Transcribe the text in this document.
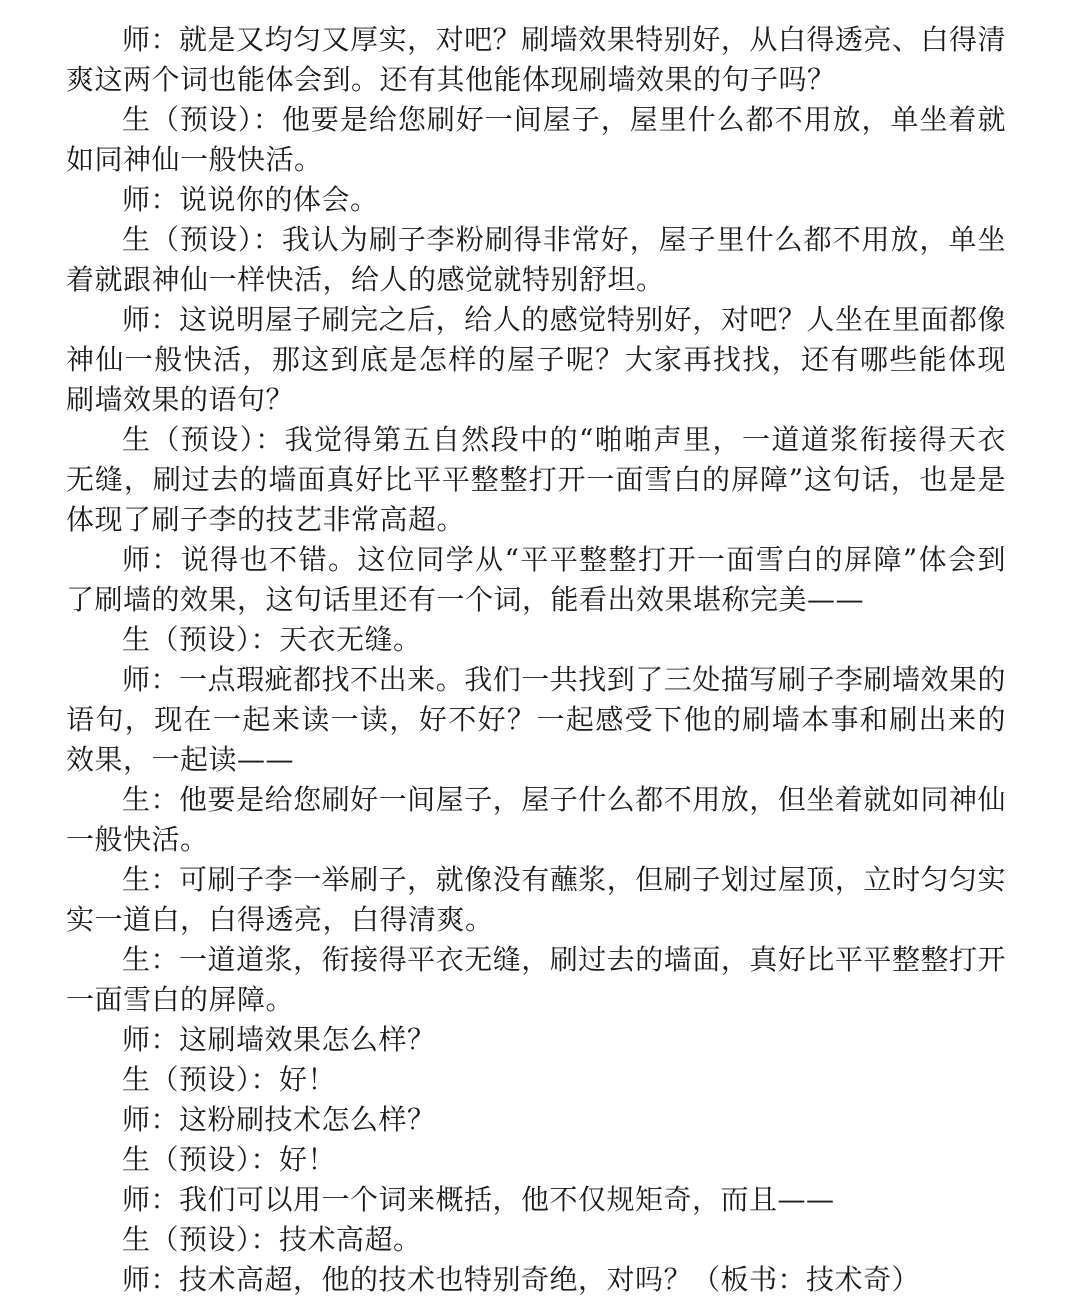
师：就是又均匀又厚实，对吧？刷墙效果特别好，从白得透亮、白得清爽这两个词也能体会到。还有其他能体现刷墙效果的句子吗？

生（预设）：他要是给您刷好一间屋子，屋里什么都不用放，单坐着就如同神仙一般快活。

师：说说你的体会。

生（预设）：我认为刷子李粉刷得非常好，屋子里什么都不用放，单坐着就跟神仙一样快活，给人的感觉就特别舒坦。

师：这说明屋子刷完之后，给人的感觉特别好，对吧？人坐在里面都像神仙一般快活，那这到底是怎样的屋子呢？大家再找找，还有哪些能体现刷墙效果的语句？

生（预设）：我觉得第五自然段中的“啪啪声里，一道道浆衔接得天衣无缝，刷过去的墙面真好比平平整整打开一面雪白的屏障”这句话，也是是体现了刷子李的技艺非常高超。

师：说得也不错。这位同学从“平平整整打开一面雪白的屏障”体会到了刷墙的效果，这句话里还有一个词，能看出效果堪称完美——

生（预设）：天衣无缝。

师：一点瑕疵都找不出来。我们一共找到了三处描写刷子李刷墙效果的语句，现在一起来读一读，好不好？一起感受下他的刷墙本事和刷出来的效果，一起读——

生：他要是给您刷好一间屋子，屋子什么都不用放，但坐着就如同神仙一般快活。

生：可刷子李一举刷子，就像没有蘸浆，但刷子划过屋顶，立时匀匀实实一道白，白得透亮，白得清爽。

生：一道道浆，衔接得平衣无缝，刷过去的墙面，真好比平平整整打开一面雪白的屏障。

师：这刷墙效果怎么样？

生（预设）：好！

师：这粉刷技术怎么样？

生（预设）：好！

师：我们可以用一个词来概括，他不仅规矩奇，而且——

生（预设）：技术高超。

师：技术高超，他的技术也特别奇绝，对吗？（板书：技术奇）
